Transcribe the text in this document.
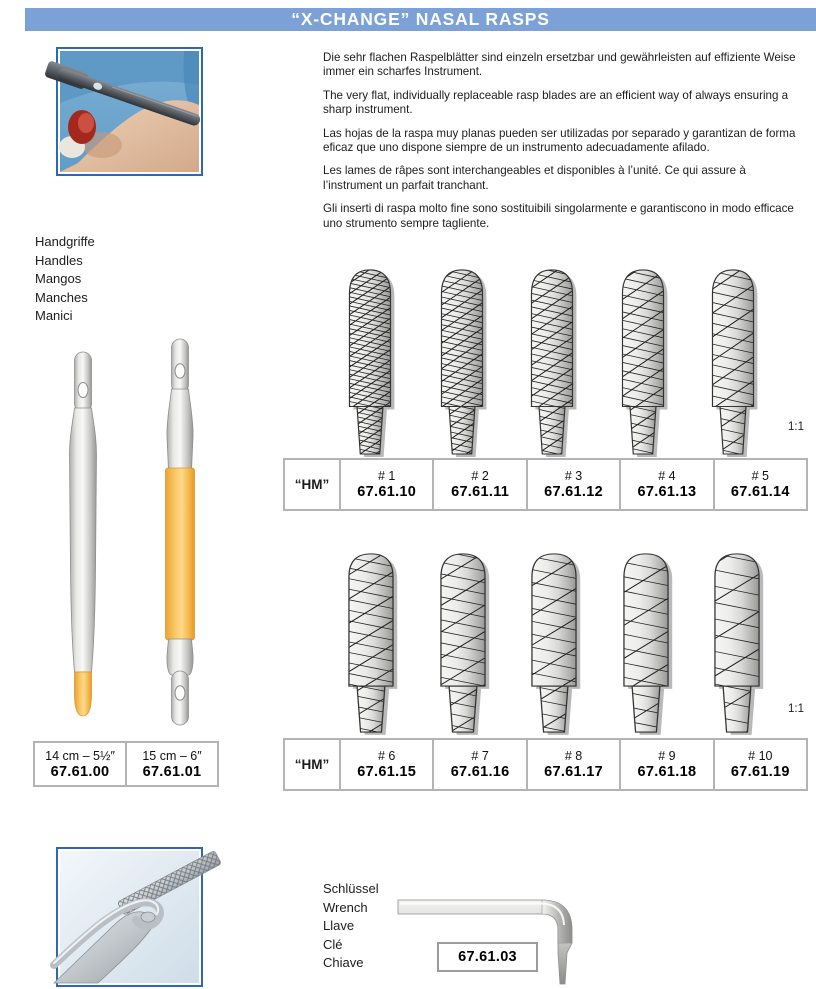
“X-CHANGE” NASAL RASPS

Die sehr flachen Raspelblätter sind einzeln ersetzbar und gewährleisten auf effiziente Weise immer ein scharfes Instrument.

The very flat, individually replaceable rasp blades are an efficient way of always ensuring a sharp instrument.

Las hojas de la raspa muy planas pueden ser utilizadas por separado y garantizan de forma eficaz que uno dispone siempre de un instrumento adecuadamente afilado.

Les lames de râpes sont interchangeables et disponibles à l’unité. Ce qui assure à l’instrument un parfait tranchant.

Gli inserti di raspa molto fine sono sostituibili singolarmente e garantiscono in modo efficace uno strumento sempre tagliente.

Handgriffe
Handles
Mangos
Manches
Manici
14 cm – 5½″
67.61.00
15 cm – 6″
67.61.01
1:1
“HM”
# 1
67.61.10
# 2
67.61.11
# 3
67.61.12
# 4
67.61.13
# 5
67.61.14
1:1
“HM”
# 6
67.61.15
# 7
67.61.16
# 8
67.61.17
# 9
67.61.18
# 10
67.61.19
Schlüssel
Wrench
Llave
Clé
Chiave	67.61.03
